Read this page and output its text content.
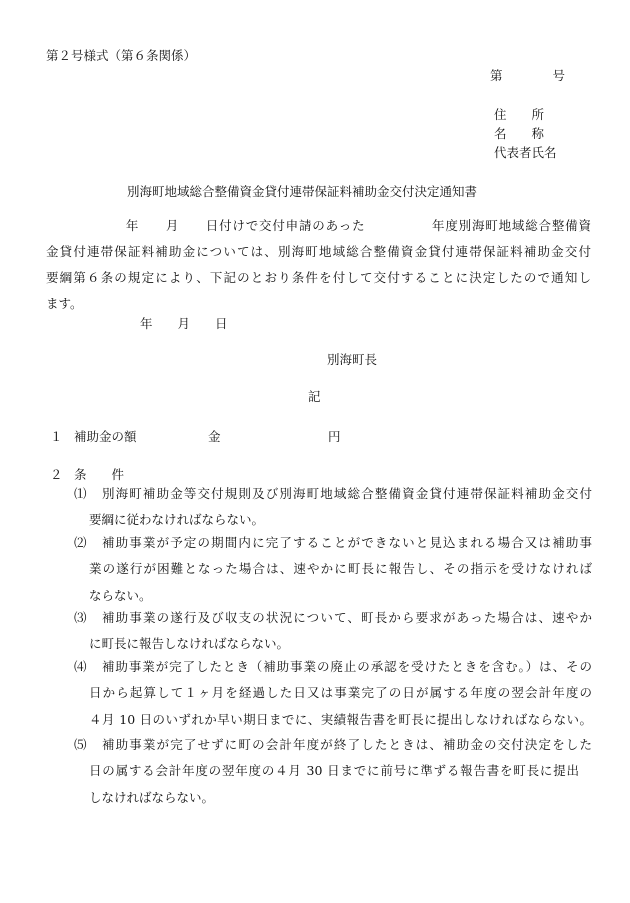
第２号様式（第６条関係）
第　　　　号
住　　所
名　　称
代表者氏名
別海町地域総合整備資金貸付連帯保証料補助金交付決定通知書
　　　　　　年　　月　　日付けで交付申請のあった　　　　　年度別海町地域総合整備資
金貸付連帯保証料補助金については、別海町地域総合整備資金貸付連帯保証料補助金交付
要綱第６条の規定により、下記のとおり条件を付して交付することに決定したので通知し
ます。
年　　月　　日
別海町長
記
１ 補助金の額	金	円
２ 条　　件
⑴ 別海町補助金等交付規則及び別海町地域総合整備資金貸付連帯保証料補助金交付
要綱に従わなければならない。
⑵ 補助事業が予定の期間内に完了することができないと見込まれる場合又は補助事
業の遂行が困難となった場合は、速やかに町長に報告し、その指示を受けなければ
ならない。
⑶ 補助事業の遂行及び収支の状況について、町長から要求があった場合は、速やか
に町長に報告しなければならない。
⑷ 補助事業が完了したとき（補助事業の廃止の承認を受けたときを含む。）は、その
日から起算して１ヶ月を経過した日又は事業完了の日が属する年度の翌会計年度の
４月 10 日のいずれか早い期日までに、実績報告書を町長に提出しなければならない。
⑸ 補助事業が完了せずに町の会計年度が終了したときは、補助金の交付決定をした
日の属する会計年度の翌年度の４月 30 日までに前号に準ずる報告書を町長に提出
しなければならない。
